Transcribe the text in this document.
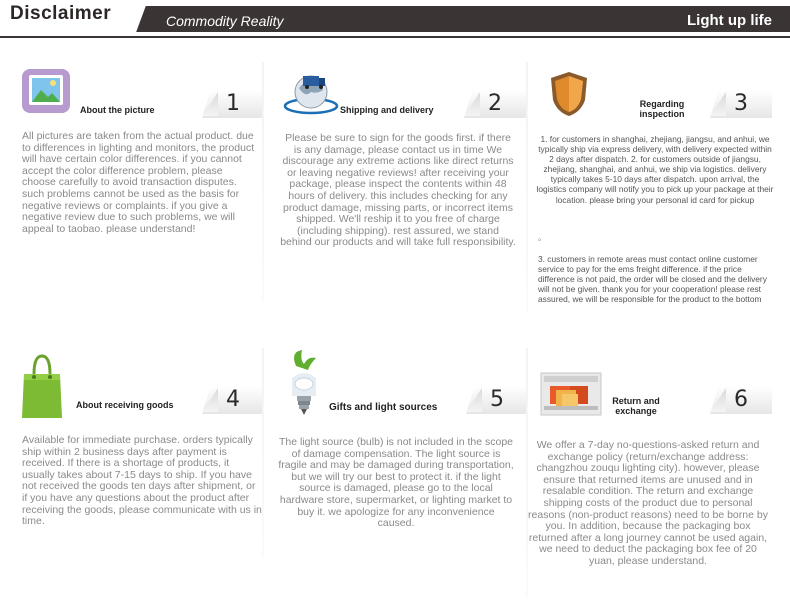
Disclaimer	Commodity Reality	Light up life
About the picture	1
All pictures are taken from the actual product. due to differences in lighting and monitors, the product will have certain color differences. if you cannot accept the color difference problem, please choose carefully to avoid transaction disputes. such problems cannot be used as the basis for negative reviews or complaints. if you give a negative review due to such problems, we will appeal to taobao. please understand!
Shipping and delivery	2
Please be sure to sign for the goods first. if there is any damage, please contact us in time We discourage any extreme actions like direct returns or leaving negative reviews! after receiving your package, please inspect the contents within 48 hours of delivery. this includes checking for any product damage, missing parts, or incorrect items shipped. We'll reship it to you free of charge (including shipping). rest assured, we stand behind our products and will take full responsibility.
Regarding inspection	3
1. for customers in shanghai, zhejiang, jiangsu, and anhui, we typically ship via express delivery, with delivery expected within 2 days after dispatch. 2. for customers outside of jiangsu, zhejiang, shanghai, and anhui, we ship via logistics. delivery typically takes 5-10 days after dispatch. upon arrival, the logistics company will notify you to pick up your package at their location. please bring your personal id card for pickup
。
3. customers in remote areas must contact online customer service to pay for the ems freight difference. if the price difference is not paid, the order will be closed and the delivery will not be given. thank you for your cooperation! please rest assured, we will be responsible for the product to the bottom
About receiving goods	4
Available for immediate purchase. orders typically ship within 2 business days after payment is received. If there is a shortage of products, it usually takes about 7-15 days to ship. If you have not received the goods ten days after shipment, or if you have any questions about the product after receiving the goods, please communicate with us in time.
Gifts and light sources	5
The light source (bulb) is not included in the scope of damage compensation. The light source is fragile and may be damaged during transportation, but we will try our best to protect it. if the light source is damaged, please go to the local hardware store, supermarket, or lighting market to buy it. we apologize for any inconvenience caused.
Return and exchange	6
We offer a 7-day no-questions-asked return and exchange policy (return/exchange address: changzhou zouqu lighting city). however, please ensure that returned items are unused and in resalable condition. The return and exchange shipping costs of the product due to personal reasons (non-product reasons) need to be borne by you. In addition, because the packaging box returned after a long journey cannot be used again, we need to deduct the packaging box fee of 20 yuan, please understand.
